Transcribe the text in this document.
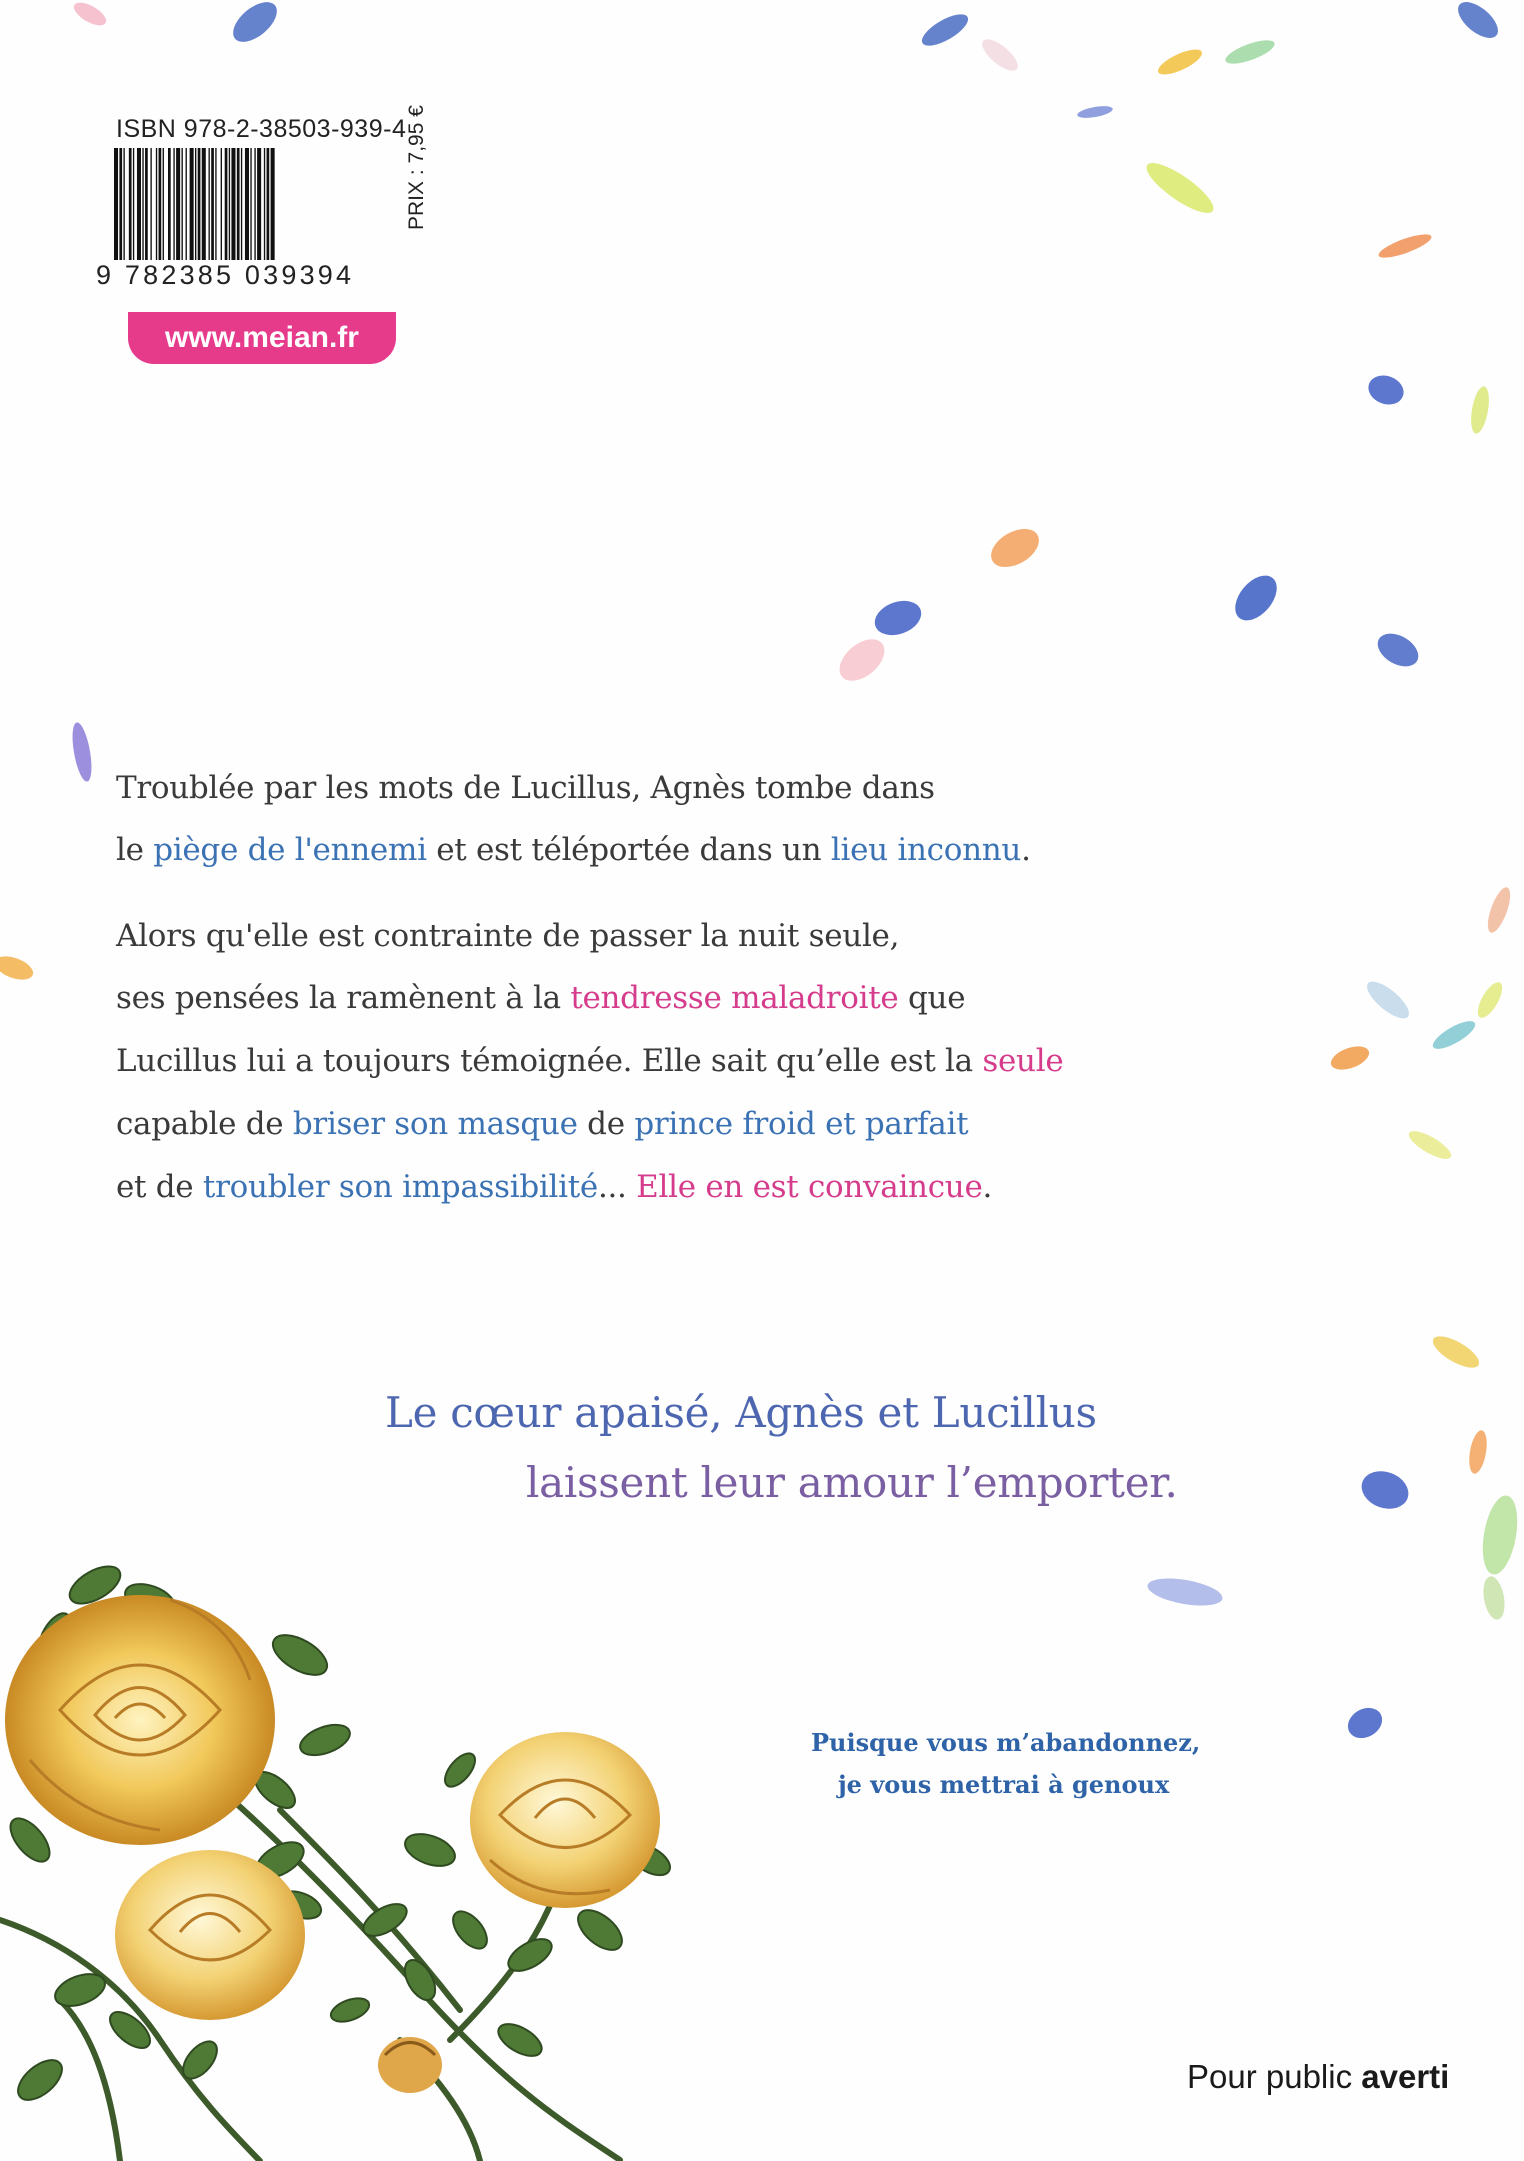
ISBN 978-2-38503-939-4
9 782385 039394
PRIX : 7,95 €
www.meian.fr
Troublée par les mots de Lucillus, Agnès tombe dans
le piège de l'ennemi et est téléportée dans un lieu inconnu.
Alors qu'elle est contrainte de passer la nuit seule,
ses pensées la ramènent à la tendresse maladroite que
Lucillus lui a toujours témoignée. Elle sait qu’elle est la seule
capable de briser son masque de prince froid et parfait
et de troubler son impassibilité... Elle en est convaincue.
Le cœur apaisé, Agnès et Lucillus
laissent leur amour l’emporter.
Puisque vous m’abandonnez,
je vous mettrai à genoux
Pour public averti
